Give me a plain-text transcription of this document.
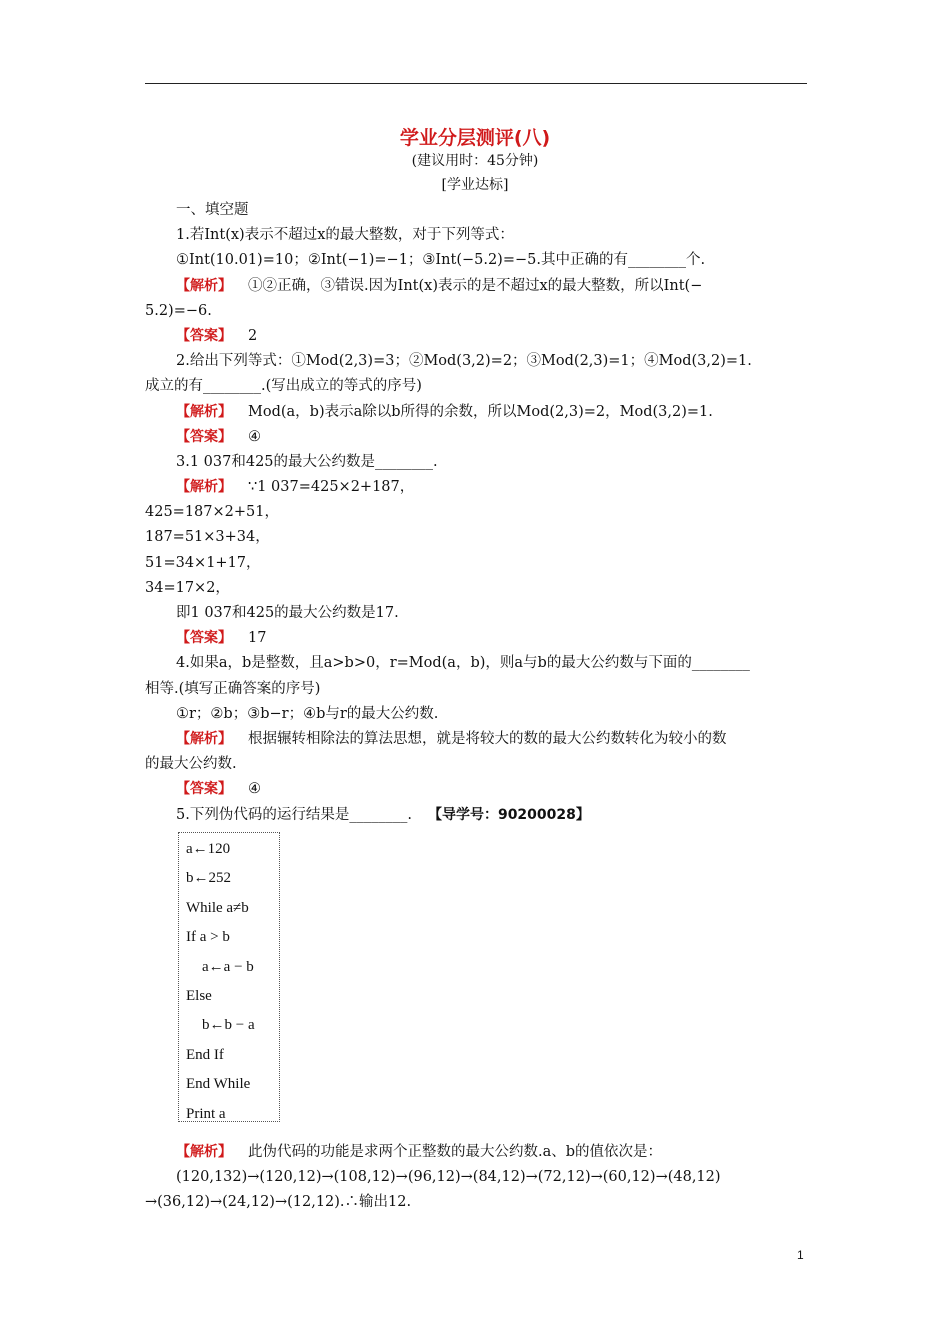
学业分层测评(八)
(建议用时：45分钟)
[学业达标]
一、填空题
1.若Int(x)表示不超过x的最大整数，对于下列等式：
①Int(10.01)=10；②Int(−1)=−1；③Int(−5.2)=−5.其中正确的有________个.
【解析】 ①②正确，③错误.因为Int(x)表示的是不超过x的最大整数，所以Int(−
5.2)=−6.
【答案】 2
2.给出下列等式：①Mod(2,3)=3；②Mod(3,2)=2；③Mod(2,3)=1；④Mod(3,2)=1.
成立的有________.(写出成立的等式的序号)
【解析】 Mod(a，b)表示a除以b所得的余数，所以Mod(2,3)=2，Mod(3,2)=1.
【答案】 ④
3.1 037和425的最大公约数是________.
【解析】 ∵1 037=425×2+187，
425=187×2+51，
187=51×3+34，
51=34×1+17，
34=17×2，
即1 037和425的最大公约数是17.
【答案】 17
4.如果a，b是整数，且a>b>0，r=Mod(a，b)，则a与b的最大公约数与下面的________
相等.(填写正确答案的序号)
①r；②b；③b−r；④b与r的最大公约数.
【解析】 根据辗转相除法的算法思想，就是将较大的数的最大公约数转化为较小的数
的最大公约数.
【答案】 ④
5.下列伪代码的运行结果是________. 【导学号：90200028】
a←120
b←252
While a≠b
If a > b
a←a − b
Else
b←b − a
End If
End While
Print a
【解析】 此伪代码的功能是求两个正整数的最大公约数.a、b的值依次是：
(120,132)→(120,12)→(108,12)→(96,12)→(84,12)→(72,12)→(60,12)→(48,12)
→(36,12)→(24,12)→(12,12).∴输出12.
1
